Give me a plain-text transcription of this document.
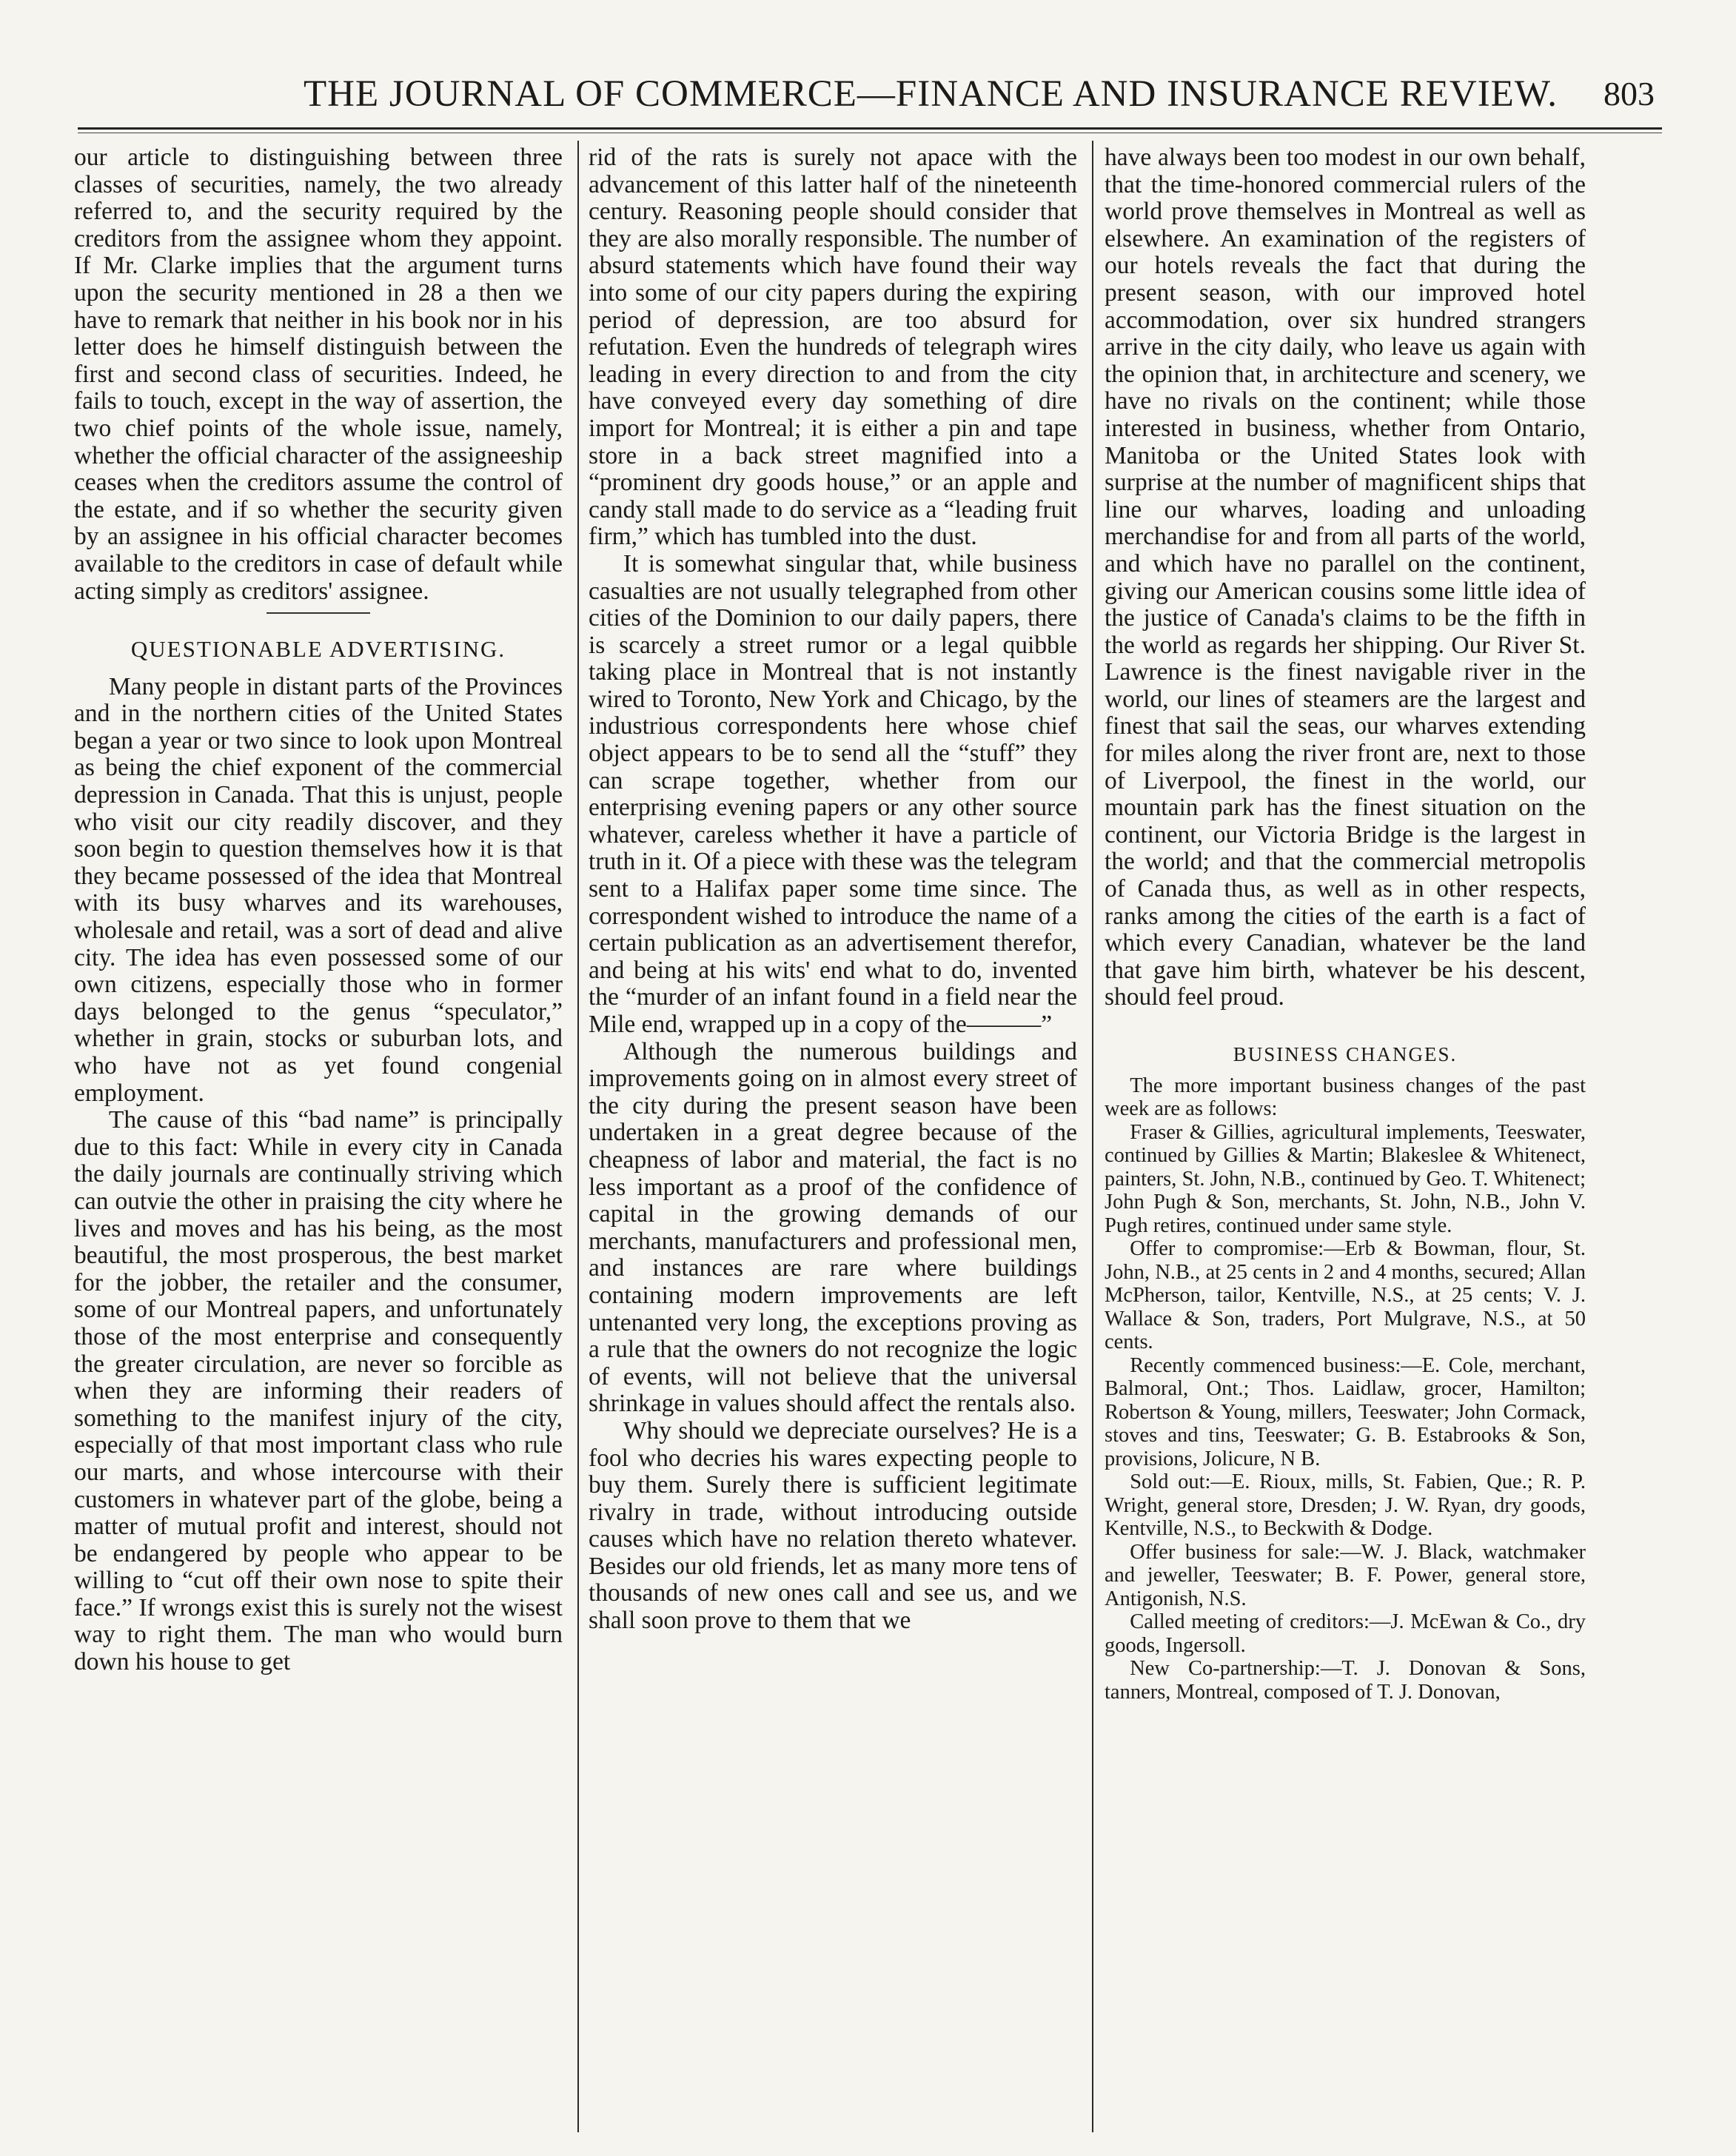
THE JOURNAL OF COMMERCE—FINANCE AND INSURANCE REVIEW. 803

our article to distinguishing between three classes of securities, namely, the two already referred to, and the security required by the creditors from the assignee whom they appoint. If Mr. Clarke implies that the argument turns upon the security mentioned in 28 a then we have to remark that neither in his book nor in his letter does he himself distinguish between the first and second class of securities. Indeed, he fails to touch, except in the way of assertion, the two chief points of the whole issue, namely, whether the official character of the assigneeship ceases when the creditors assume the control of the estate, and if so whether the security given by an assignee in his official character becomes available to the creditors in case of default while acting simply as creditors' assignee.

QUESTIONABLE ADVERTISING.

Many people in distant parts of the Provinces and in the northern cities of the United States began a year or two since to look upon Montreal as being the chief exponent of the commercial depression in Canada. That this is unjust, people who visit our city readily discover, and they soon begin to question themselves how it is that they became possessed of the idea that Montreal with its busy wharves and its warehouses, wholesale and retail, was a sort of dead and alive city. The idea has even possessed some of our own citizens, especially those who in former days belonged to the genus “speculator,” whether in grain, stocks or suburban lots, and who have not as yet found congenial employment.

The cause of this “bad name” is principally due to this fact: While in every city in Canada the daily journals are continually striving which can outvie the other in praising the city where he lives and moves and has his being, as the most beautiful, the most prosperous, the best market for the jobber, the retailer and the consumer, some of our Montreal papers, and unfortunately those of the most enterprise and consequently the greater circulation, are never so forcible as when they are informing their readers of something to the manifest injury of the city, especially of that most important class who rule our marts, and whose intercourse with their customers in whatever part of the globe, being a matter of mutual profit and interest, should not be endangered by people who appear to be willing to “cut off their own nose to spite their face.” If wrongs exist this is surely not the wisest way to right them. The man who would burn down his house to get

rid of the rats is surely not apace with the advancement of this latter half of the nineteenth century. Reasoning people should consider that they are also morally responsible. The number of absurd statements which have found their way into some of our city papers during the expiring period of depression, are too absurd for refutation. Even the hundreds of telegraph wires leading in every direction to and from the city have conveyed every day something of dire import for Montreal; it is either a pin and tape store in a back street magnified into a “prominent dry goods house,” or an apple and candy stall made to do service as a “leading fruit firm,” which has tumbled into the dust.

It is somewhat singular that, while business casualties are not usually telegraphed from other cities of the Dominion to our daily papers, there is scarcely a street rumor or a legal quibble taking place in Montreal that is not instantly wired to Toronto, New York and Chicago, by the industrious correspondents here whose chief object appears to be to send all the “stuff” they can scrape together, whether from our enterprising evening papers or any other source whatever, careless whether it have a particle of truth in it. Of a piece with these was the telegram sent to a Halifax paper some time since. The correspondent wished to introduce the name of a certain publication as an advertisement therefor, and being at his wits' end what to do, invented the “murder of an infant found in a field near the Mile end, wrapped up in a copy of the———”

Although the numerous buildings and improvements going on in almost every street of the city during the present season have been undertaken in a great degree because of the cheapness of labor and material, the fact is no less important as a proof of the confidence of capital in the growing demands of our merchants, manufacturers and professional men, and instances are rare where buildings containing modern improvements are left untenanted very long, the exceptions proving as a rule that the owners do not recognize the logic of events, will not believe that the universal shrinkage in values should affect the rentals also.

Why should we depreciate ourselves? He is a fool who decries his wares expecting people to buy them. Surely there is sufficient legitimate rivalry in trade, without introducing outside causes which have no relation thereto whatever. Besides our old friends, let as many more tens of thousands of new ones call and see us, and we shall soon prove to them that we

have always been too modest in our own behalf, that the time-honored commercial rulers of the world prove themselves in Montreal as well as elsewhere. An examination of the registers of our hotels reveals the fact that during the present season, with our improved hotel accommodation, over six hundred strangers arrive in the city daily, who leave us again with the opinion that, in architecture and scenery, we have no rivals on the continent; while those interested in business, whether from Ontario, Manitoba or the United States look with surprise at the number of magnificent ships that line our wharves, loading and unloading merchandise for and from all parts of the world, and which have no parallel on the continent, giving our American cousins some little idea of the justice of Canada's claims to be the fifth in the world as regards her shipping. Our River St. Lawrence is the finest navigable river in the world, our lines of steamers are the largest and finest that sail the seas, our wharves extending for miles along the river front are, next to those of Liverpool, the finest in the world, our mountain park has the finest situation on the continent, our Victoria Bridge is the largest in the world; and that the commercial metropolis of Canada thus, as well as in other respects, ranks among the cities of the earth is a fact of which every Canadian, whatever be the land that gave him birth, whatever be his descent, should feel proud.

BUSINESS CHANGES.

The more important business changes of the past week are as follows:

Fraser & Gillies, agricultural implements, Teeswater, continued by Gillies & Martin; Blakeslee & Whitenect, painters, St. John, N.B., continued by Geo. T. Whitenect; John Pugh & Son, merchants, St. John, N.B., John V. Pugh retires, continued under same style.

Offer to compromise:—Erb & Bowman, flour, St. John, N.B., at 25 cents in 2 and 4 months, secured; Allan McPherson, tailor, Kentville, N.S., at 25 cents; V. J. Wallace & Son, traders, Port Mulgrave, N.S., at 50 cents.

Recently commenced business:—E. Cole, merchant, Balmoral, Ont.; Thos. Laidlaw, grocer, Hamilton; Robertson & Young, millers, Teeswater; John Cormack, stoves and tins, Teeswater; G. B. Estabrooks & Son, provisions, Jolicure, N B.

Sold out:—E. Rioux, mills, St. Fabien, Que.; R. P. Wright, general store, Dresden; J. W. Ryan, dry goods, Kentville, N.S., to Beckwith & Dodge.

Offer business for sale:—W. J. Black, watchmaker and jeweller, Teeswater; B. F. Power, general store, Antigonish, N.S.

Called meeting of creditors:—J. McEwan & Co., dry goods, Ingersoll.

New Co-partnership:—T. J. Donovan & Sons, tanners, Montreal, composed of T. J. Donovan,
